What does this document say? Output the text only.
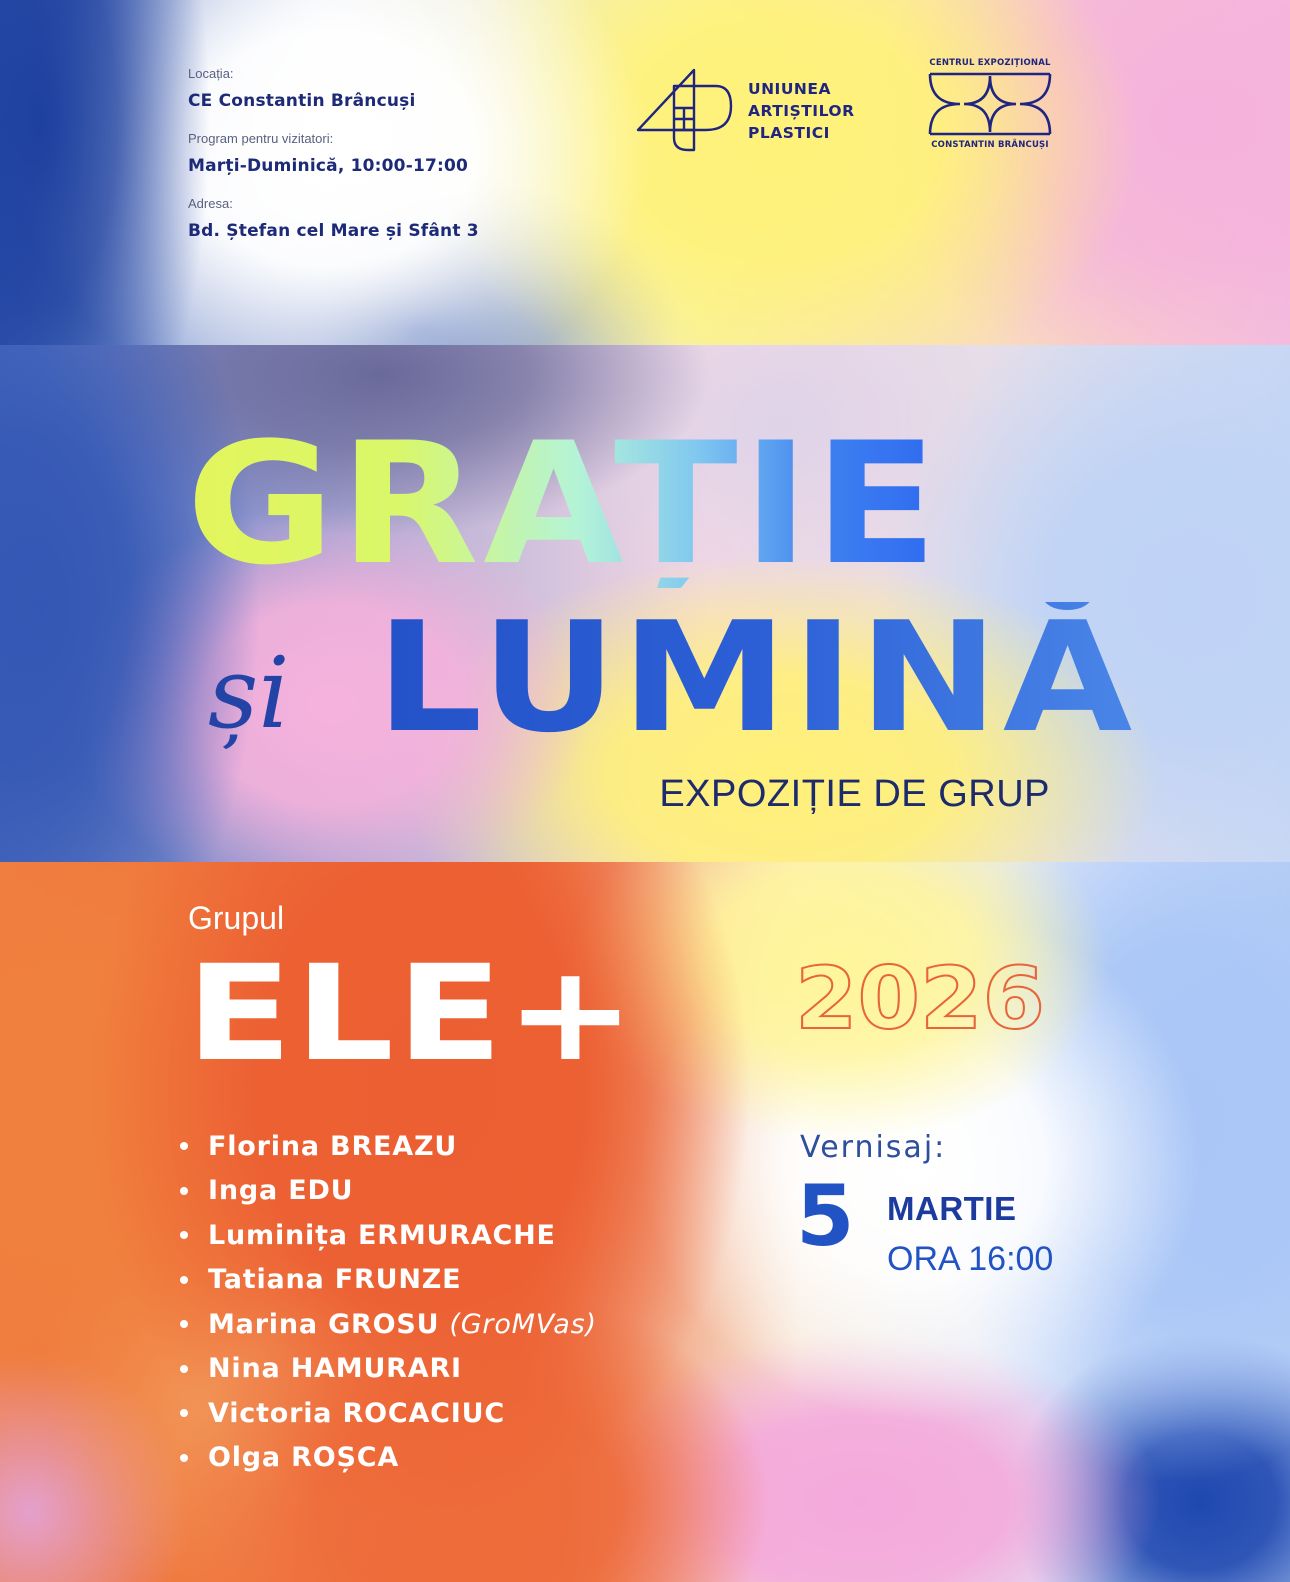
Locația:
CE Constantin Brâncuși
Program pentru vizitatori:
Marți-Duminică, 10:00-17:00
Adresa:
Bd. Ștefan cel Mare și Sfânt 3
UNIUNEA
ARTIȘTILOR
PLASTICI
CENTRUL EXPOZIȚIONAL
CONSTANTIN BRÂNCUȘI
GRAȚIE
și LUMINĂ
EXPOZIȚIE DE GRUP
Grupul
ELE+
Florina BREAZU
Inga EDU
Luminița ERMURACHE
Tatiana FRUNZE
Marina GROSU (GroMVas)
Nina HAMURARI
Victoria ROCACIUC
Olga ROȘCA
2026
Vernisaj:
5 MARTIE
ORA 16:00
